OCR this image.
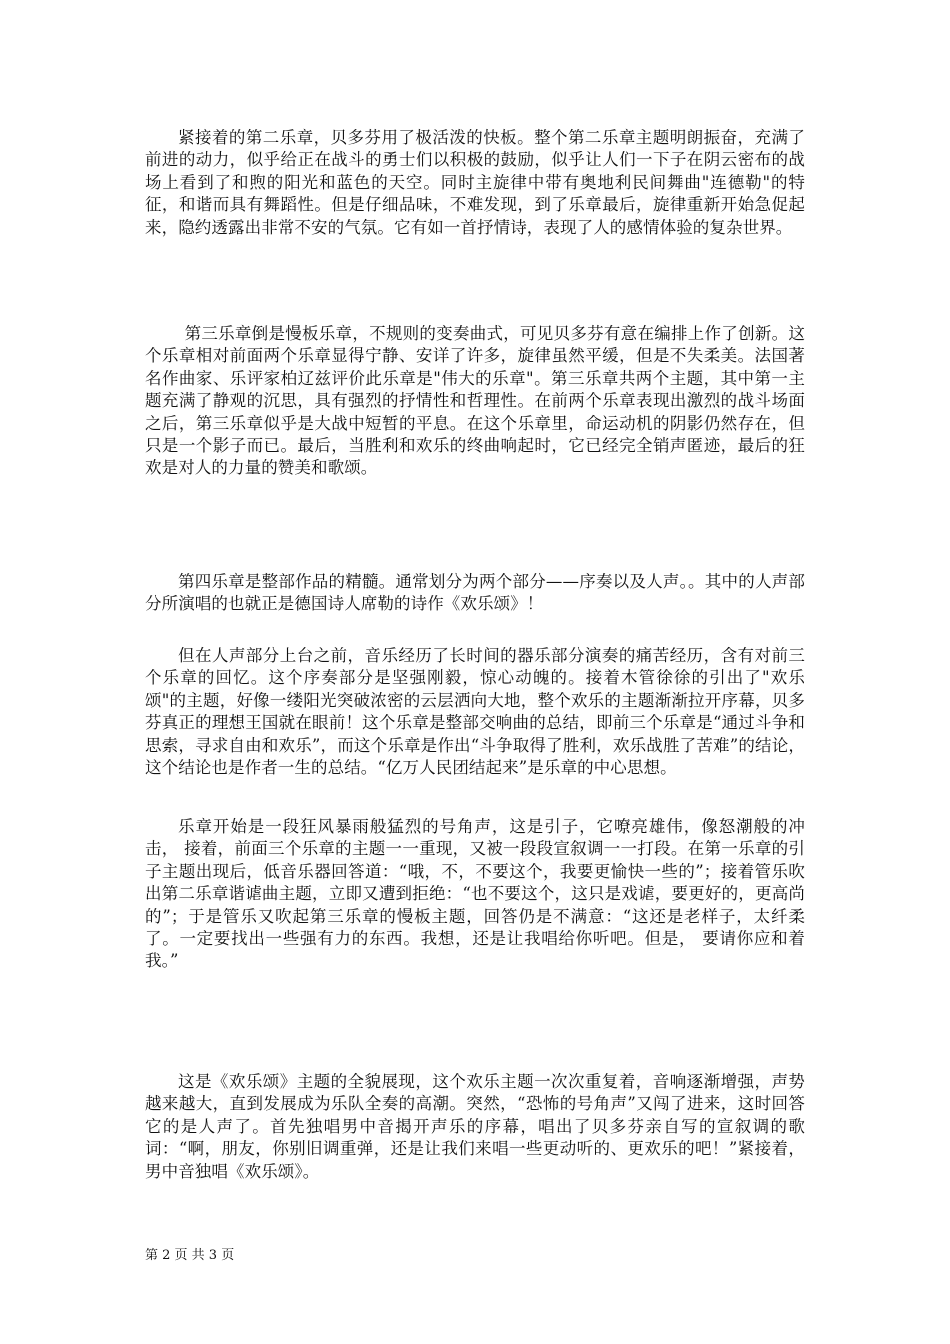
紧接着的第二乐章，贝多芬用了极活泼的快板。整个第二乐章主题明朗振奋，充满了前进的动力，似乎给正在战斗的勇士们以积极的鼓励，似乎让人们一下子在阴云密布的战场上看到了和煦的阳光和蓝色的天空。同时主旋律中带有奥地利民间舞曲"连德勒"的特征，和谐而具有舞蹈性。但是仔细品味，不难发现，到了乐章最后，旋律重新开始急促起来，隐约透露出非常不安的气氛。它有如一首抒情诗，表现了人的感情体验的复杂世界。

第三乐章倒是慢板乐章，不规则的变奏曲式，可见贝多芬有意在编排上作了创新。这个乐章相对前面两个乐章显得宁静、安详了许多，旋律虽然平缓，但是不失柔美。法国著名作曲家、乐评家柏辽兹评价此乐章是"伟大的乐章"。第三乐章共两个主题，其中第一主题充满了静观的沉思，具有强烈的抒情性和哲理性。在前两个乐章表现出激烈的战斗场面之后，第三乐章似乎是大战中短暂的平息。在这个乐章里，命运动机的阴影仍然存在，但只是一个影子而已。最后，当胜利和欢乐的终曲响起时，它已经完全销声匿迹，最后的狂欢是对人的力量的赞美和歌颂。

第四乐章是整部作品的精髓。通常划分为两个部分——序奏以及人声。。其中的人声部分所演唱的也就正是德国诗人席勒的诗作《欢乐颂》！

但在人声部分上台之前，音乐经历了长时间的器乐部分演奏的痛苦经历，含有对前三个乐章的回忆。这个序奏部分是坚强刚毅，惊心动魄的。接着木管徐徐的引出了"欢乐颂"的主题，好像一缕阳光突破浓密的云层洒向大地，整个欢乐的主题渐渐拉开序幕，贝多芬真正的理想王国就在眼前！这个乐章是整部交响曲的总结，即前三个乐章是“通过斗争和思索，寻求自由和欢乐”，而这个乐章是作出“斗争取得了胜利，欢乐战胜了苦难”的结论，这个结论也是作者一生的总结。“亿万人民团结起来”是乐章的中心思想。

乐章开始是一段狂风暴雨般猛烈的号角声，这是引子，它嘹亮雄伟，像怒潮般的冲击， 接着，前面三个乐章的主题一一重现，又被一段段宣叙调一一打段。在第一乐章的引子主题出现后，低音乐器回答道：“哦，不，不要这个，我要更愉快一些的”；接着管乐吹出第二乐章谐谑曲主题，立即又遭到拒绝：“也不要这个，这只是戏谑，要更好的，更高尚的”；于是管乐又吹起第三乐章的慢板主题，回答仍是不满意：“这还是老样子，太纤柔了。一定要找出一些强有力的东西。我想，还是让我唱给你听吧。但是， 要请你应和着我。”

这是《欢乐颂》主题的全貌展现，这个欢乐主题一次次重复着，音响逐渐增强，声势越来越大，直到发展成为乐队全奏的高潮。突然，“恐怖的号角声”又闯了进来，这时回答它的是人声了。首先独唱男中音揭开声乐的序幕，唱出了贝多芬亲自写的宣叙调的歌词：“啊，朋友，你别旧调重弹，还是让我们来唱一些更动听的、更欢乐的吧！”紧接着，男中音独唱《欢乐颂》。

第 2 页 共 3 页
